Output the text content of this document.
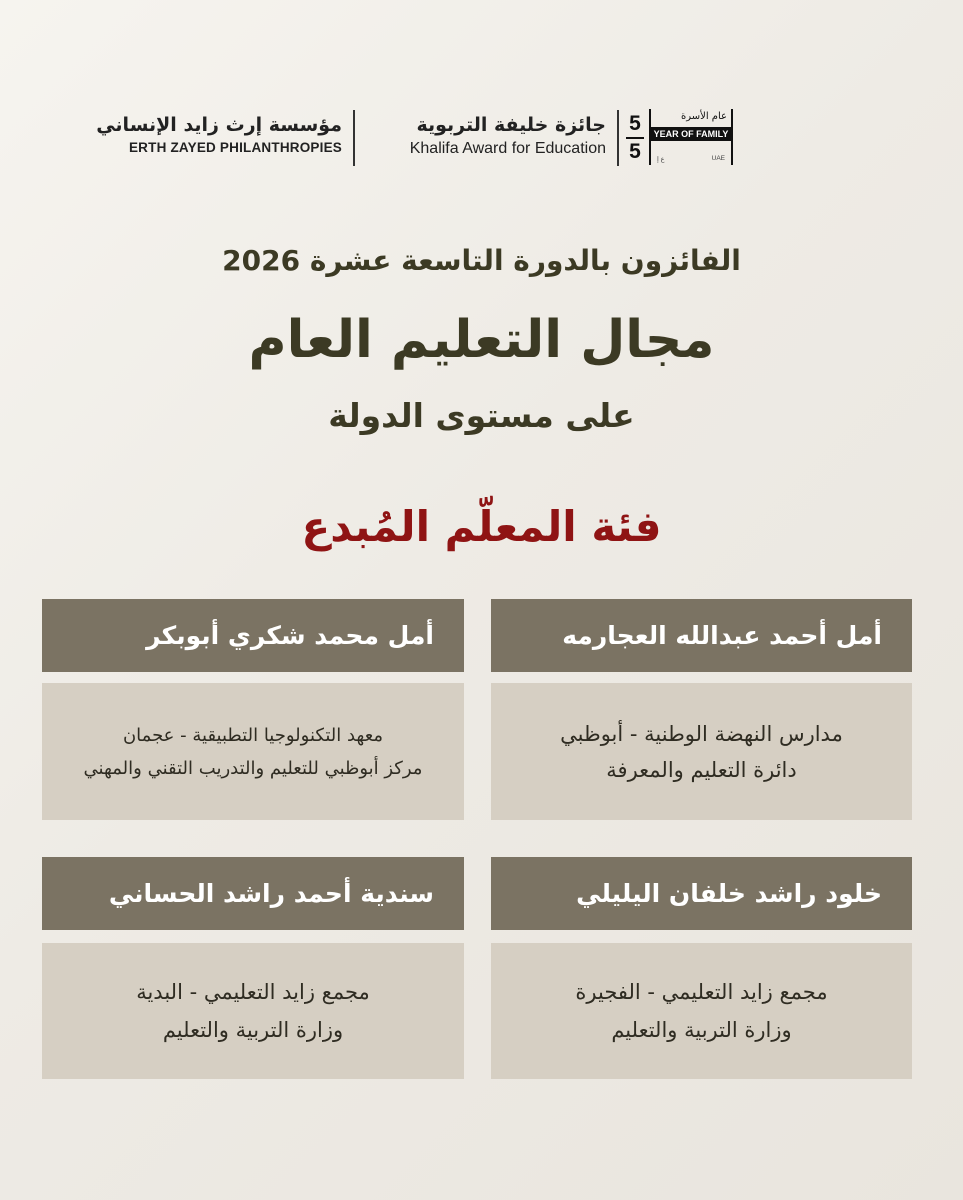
مؤسسة إرث زايد الإنساني
ERTH ZAYED PHILANTHROPIES
جائزة خليفة التربوية
Khalifa Award for Education
5
5
عام الأسرة
YEAR OF FAMILY
ع إ	UAE
الفائزون بالدورة التاسعة عشرة 2026
مجال التعليم العام
على مستوى الدولة
فئة المعلّم المُبدع
أمل أحمد عبدالله العجارمه
مدارس النهضة الوطنية - أبوظبي
دائرة التعليم والمعرفة
أمل محمد شكري أبوبكر
معهد التكنولوجيا التطبيقية - عجمان
مركز أبوظبي للتعليم والتدريب التقني والمهني
خلود راشد خلفان اليليلي
مجمع زايد التعليمي - الفجيرة
وزارة التربية والتعليم
سندية أحمد راشد الحساني
مجمع زايد التعليمي - البدية
وزارة التربية والتعليم
